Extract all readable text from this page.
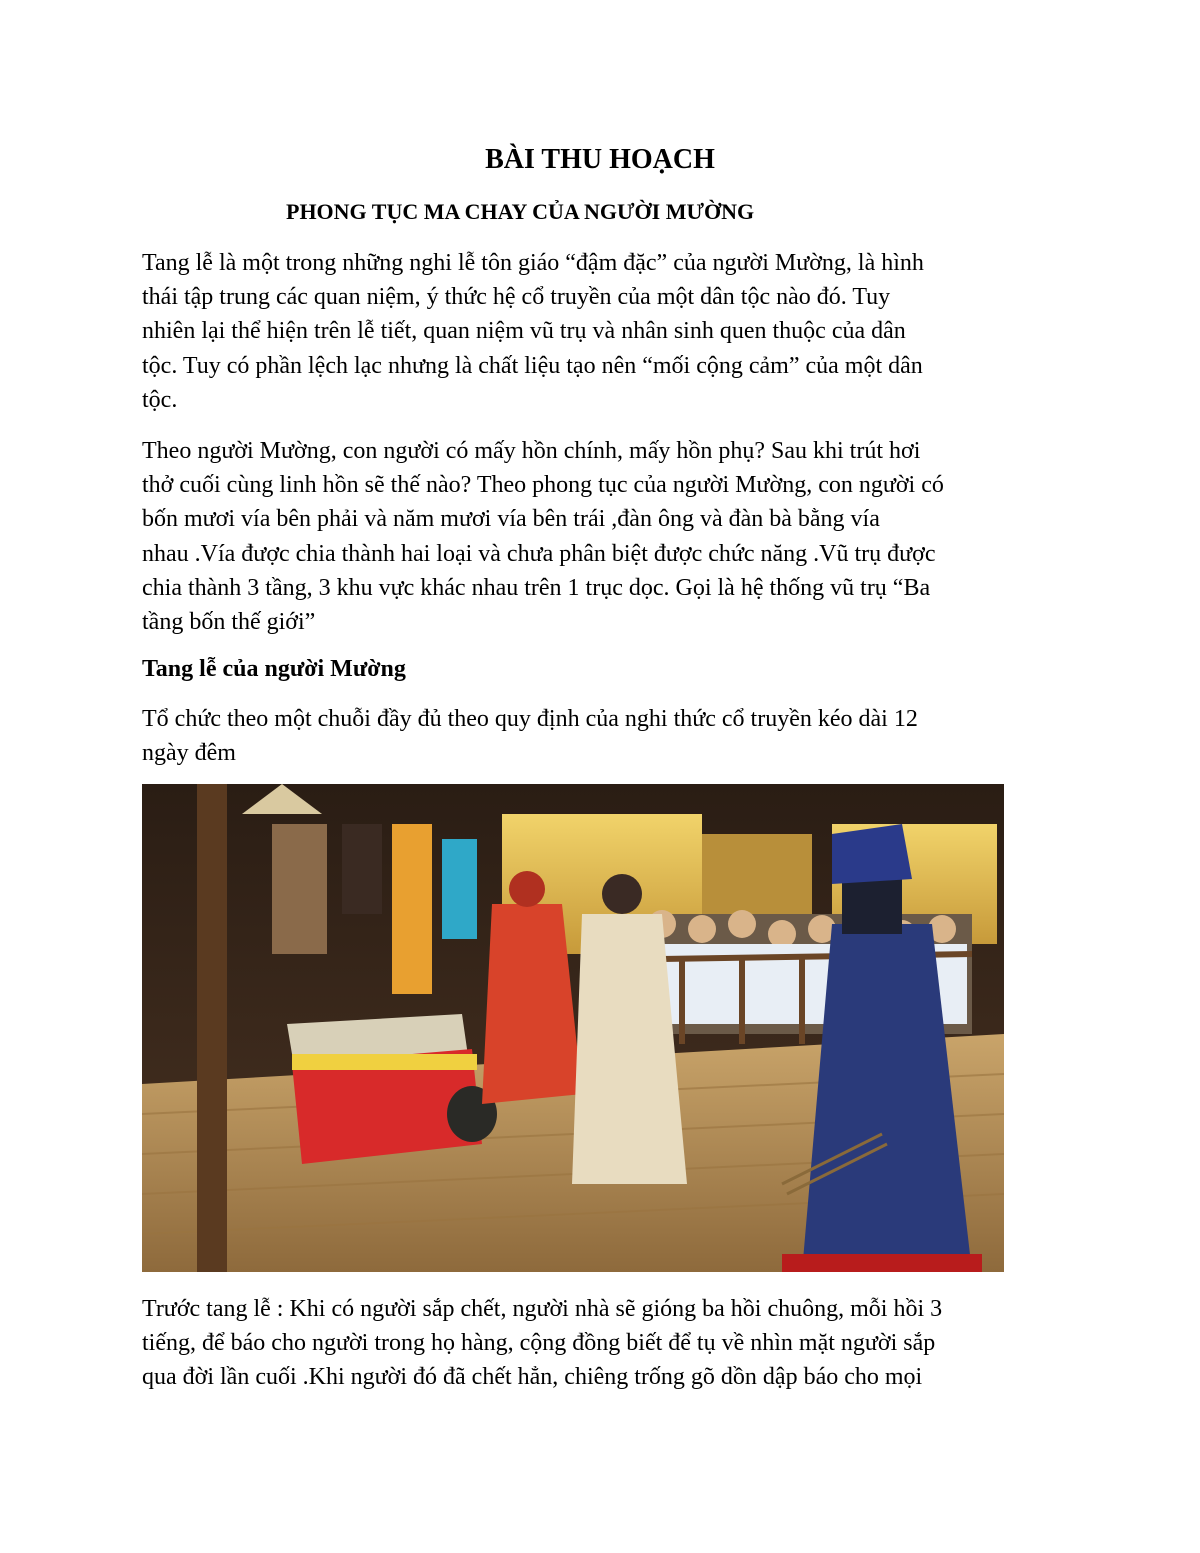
BÀI THU HOẠCH
PHONG TỤC MA CHAY CỦA NGƯỜI MƯỜNG

Tang lễ là một trong những nghi lễ tôn giáo “đậm đặc” của người Mường, là hình
thái tập trung các quan niệm, ý thức hệ cổ truyền của một dân tộc nào đó. Tuy
nhiên lại thể hiện trên lễ tiết, quan niệm vũ trụ và nhân sinh quen thuộc của dân
tộc. Tuy có phần lệch lạc nhưng là chất liệu tạo nên “mối cộng cảm” của một dân
tộc.

Theo người Mường, con người có mấy hồn chính, mấy hồn phụ? Sau khi trút hơi
thở cuối cùng linh hồn sẽ thế nào? Theo phong tục của người Mường, con người có
bốn mươi vía bên phải và năm mươi vía bên trái ,đàn ông và đàn bà bằng vía
nhau .Vía được chia thành hai loại và chưa phân biệt được chức năng .Vũ trụ được
chia thành 3 tầng, 3 khu vực khác nhau trên 1 trục dọc. Gọi là hệ thống vũ trụ “Ba
tầng bốn thế giới”

Tang lễ của người Mường

Tổ chức theo một chuỗi đầy đủ theo quy định của nghi thức cổ truyền kéo dài 12
ngày đêm

Trước tang lễ : Khi có người sắp chết, người nhà sẽ gióng ba hồi chuông, mỗi hồi 3
tiếng, để báo cho người trong họ hàng, cộng đồng biết để tụ về nhìn mặt người sắp
qua đời lần cuối .Khi người đó đã chết hẳn, chiêng trống gõ dồn dập báo cho mọi
